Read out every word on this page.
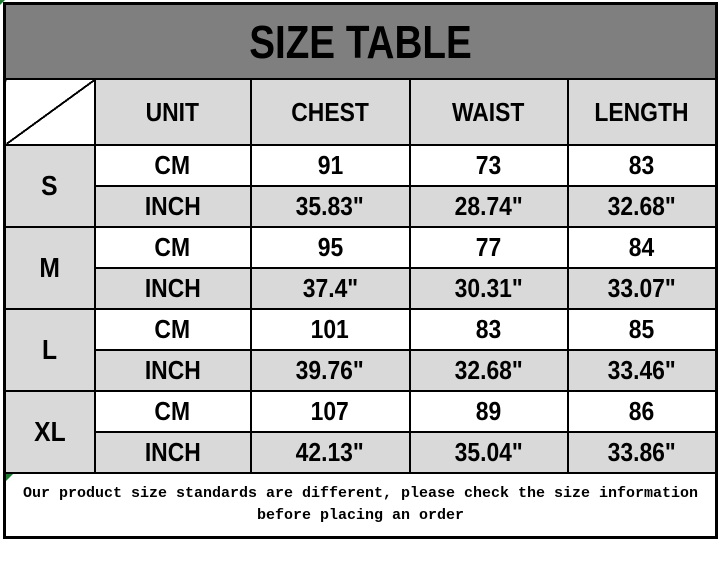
SIZE TABLE				
	UNIT	CHEST	WAIST	LENGTH
S	CM	91	73	83
	INCH	35.83"	28.74"	32.68"
M	CM	95	77	84
	INCH	37.4"	30.31"	33.07"
L	CM	101	83	85
	INCH	39.76"	32.68"	33.46"
XL	CM	107	89	86
	INCH	42.13"	35.04"	33.86"

Our product size standards are different, please check the size information
before placing an order				
